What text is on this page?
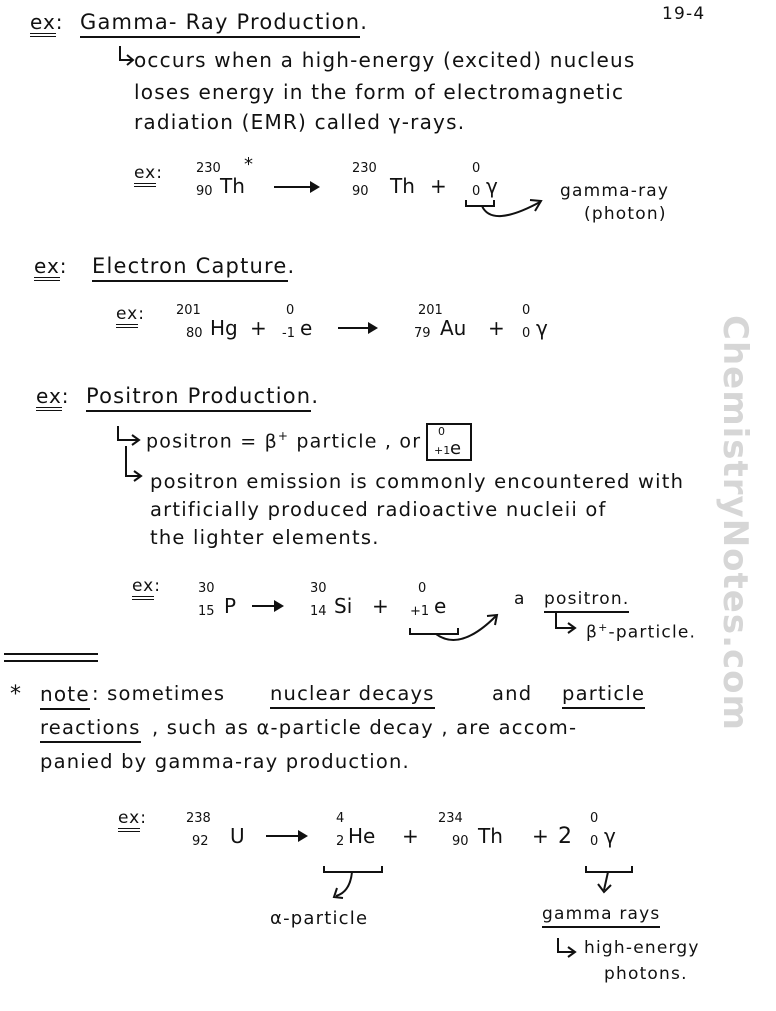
ChemistryNotes.com
19-4
ex: Gamma- Ray Production.
occurs when a high-energy (excited) nucleus
loses energy in the form of electromagnetic
radiation (EMR) called γ-rays.
ex:	230
90 Th
*	230
90 Th +
0
0 γ	gamma-ray
(photon)
ex: Electron Capture.
ex: 201
80 Hg +
0
-1 e
201
79 Au +
0
0 γ
ex: Positron Production.
positron = β+ particle , or 0
+1 e
positron emission is commonly encountered with
artificially produced radioactive nucleii of
the lighter elements.
ex:	30
15 P →
30
14 Si +
0
+1 e	a positron.
β+-particle.
* note : sometimes nuclear decays	and particle
reactions , such as α-particle decay , are accom-
panied by gamma-ray production.
ex:	238
92 U →
4
2 He +
234
90 Th + 2
0
0 γ
α-particle	gamma rays
high-energy
photons.
